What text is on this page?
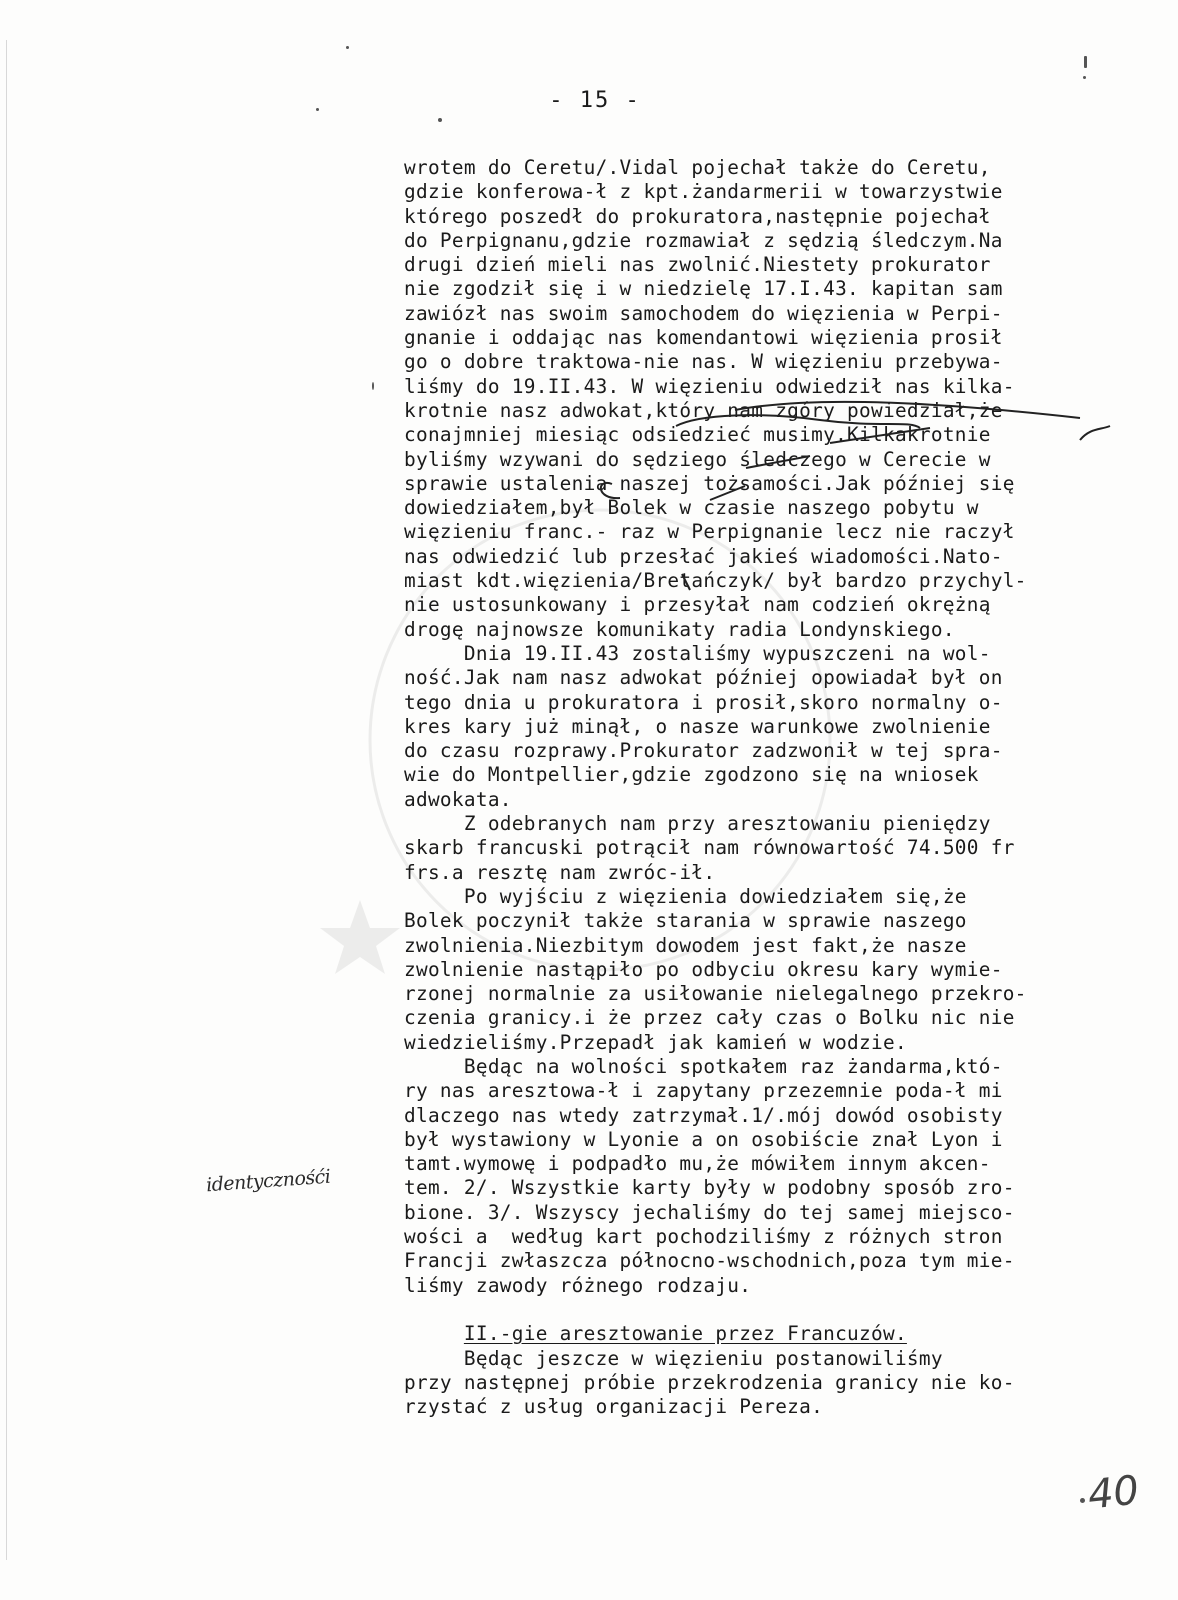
- 15 -
wrotem do Ceretu/.Vidal pojechał także do Ceretu,
gdzie konferowa-ł z kpt.żandarmerii w towarzystwie
którego poszedł do prokuratora,następnie pojechał
do Perpignanu,gdzie rozmawiał z sędzią śledczym.Na
drugi dzień mieli nas zwolnić.Niestety prokurator
nie zgodził się i w niedzielę 17.I.43. kapitan sam
zawiózł nas swoim samochodem do więzienia w Perpi-
gnanie i oddając nas komendantowi więzienia prosił
go o dobre traktowa-nie nas. W więzieniu przebywa-
liśmy do 19.II.43. W więzieniu odwiedził nas kilka-
krotnie nasz adwokat,który nam zgóry powiedział,że
conajmniej miesiąc odsiedzieć musimy.Kilkakrotnie
byliśmy wzywani do sędziego śledczego w Cerecie w
sprawie ustalenia naszej tożsamości.Jak później się
dowiedziałem,był Bolek w czasie naszego pobytu w
więzieniu franc.- raz w Perpignanie lecz nie raczył
nas odwiedzić lub przesłać jakieś wiadomości.Nato-
miast kdt.więzienia/Bretańczyk/ był bardzo przychyl-
nie ustosunkowany i przesyłał nam codzień okrężną
drogę najnowsze komunikaty radia Londynskiego.
Dnia 19.II.43 zostaliśmy wypuszczeni na wol-
ność.Jak nam nasz adwokat później opowiadał był on
tego dnia u prokuratora i prosił,skoro normalny o-
kres kary już minął, o nasze warunkowe zwolnienie
do czasu rozprawy.Prokurator zadzwonił w tej spra-
wie do Montpellier,gdzie zgodzono się na wniosek
adwokata.
Z odebranych nam przy aresztowaniu pieniędzy
skarb francuski potrącił nam równowartość 74.500 fr
frs.a resztę nam zwróc-ił.
Po wyjściu z więzienia dowiedziałem się,że
Bolek poczynił także starania w sprawie naszego
zwolnienia.Niezbitym dowodem jest fakt,że nasze
zwolnienie nastąpiło po odbyciu okresu kary wymie-
rzonej normalnie za usiłowanie nielegalnego przekro-
czenia granicy.i że przez cały czas o Bolku nic nie
wiedzieliśmy.Przepadł jak kamień w wodzie.
Będąc na wolności spotkałem raz żandarma,któ-
ry nas aresztowa-ł i zapytany przezemnie poda-ł mi
dlaczego nas wtedy zatrzymał.1/.mój dowód osobisty
był wystawiony w Lyonie a on osobiście znał Lyon i
tamt.wymowę i podpadło mu,że mówiłem innym akcen-
tem. 2/. Wszystkie karty były w podobny sposób zro-
bione. 3/. Wszyscy jechaliśmy do tej samej miejsco-
wości a  według kart pochodziliśmy z różnych stron
Francji zwłaszcza północno-wschodnich,poza tym mie-
liśmy zawody różnego rodzaju.
II.-gie aresztowanie przez Francuzów.
Będąc jeszcze w więzieniu postanowiliśmy
przy następnej próbie przekrodzenia granicy nie ko-
rzystać z usług organizacji Pereza.
identycznośći
40
